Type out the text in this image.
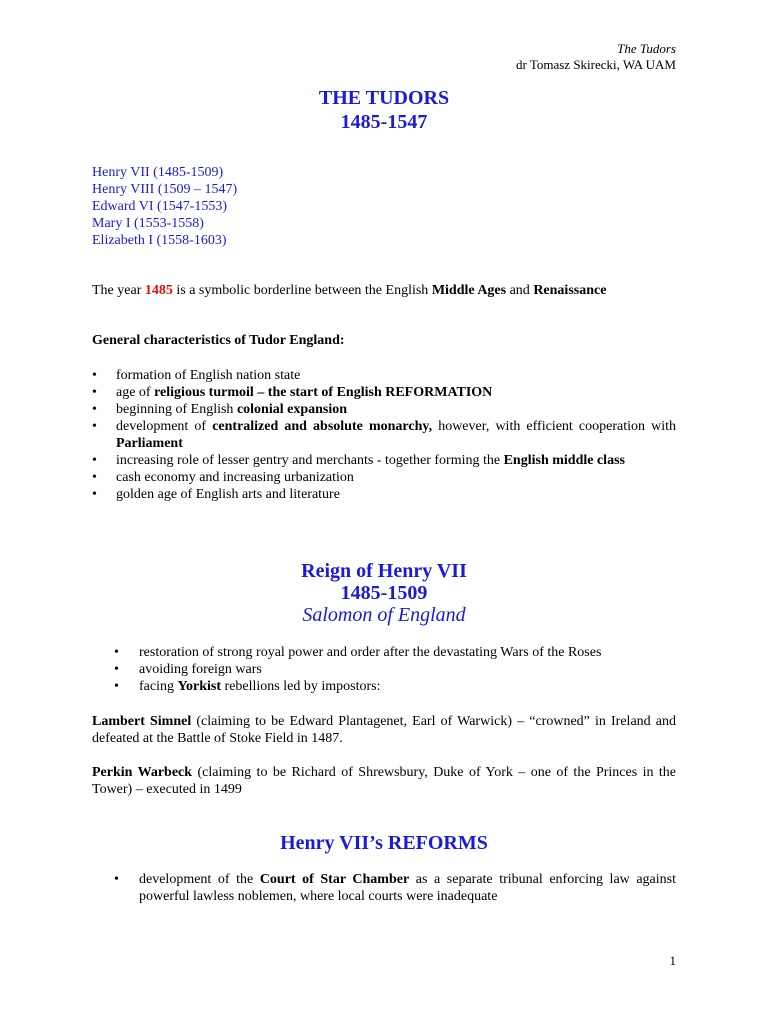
The Tudors
dr Tomasz Skirecki, WA UAM
THE TUDORS
1485-1547
Henry VII (1485-1509)
Henry VIII (1509 – 1547)
Edward VI (1547-1553)
Mary I (1553-1558)
Elizabeth I (1558-1603)

The year 1485 is a symbolic borderline between the English Middle Ages and Renaissance

General characteristics of Tudor England:
• formation of English nation state
• age of religious turmoil – the start of English REFORMATION
• beginning of English colonial expansion
• development of centralized and absolute monarchy, however, with efficient cooperation with Parliament
• increasing role of lesser gentry and merchants - together forming the English middle class
• cash economy and increasing urbanization
• golden age of English arts and literature
Reign of Henry VII
1485-1509
Salomon of England
• restoration of strong royal power and order after the devastating Wars of the Roses
• avoiding foreign wars
• facing Yorkist rebellions led by impostors:

Lambert Simnel (claiming to be Edward Plantagenet, Earl of Warwick) – “crowned” in Ireland and defeated at the Battle of Stoke Field in 1487.

Perkin Warbeck (claiming to be Richard of Shrewsbury, Duke of York – one of the Princes in the Tower) – executed in 1499

Henry VII’s REFORMS
• development of the Court of Star Chamber as a separate tribunal enforcing law against powerful lawless noblemen, where local courts were inadequate
1
